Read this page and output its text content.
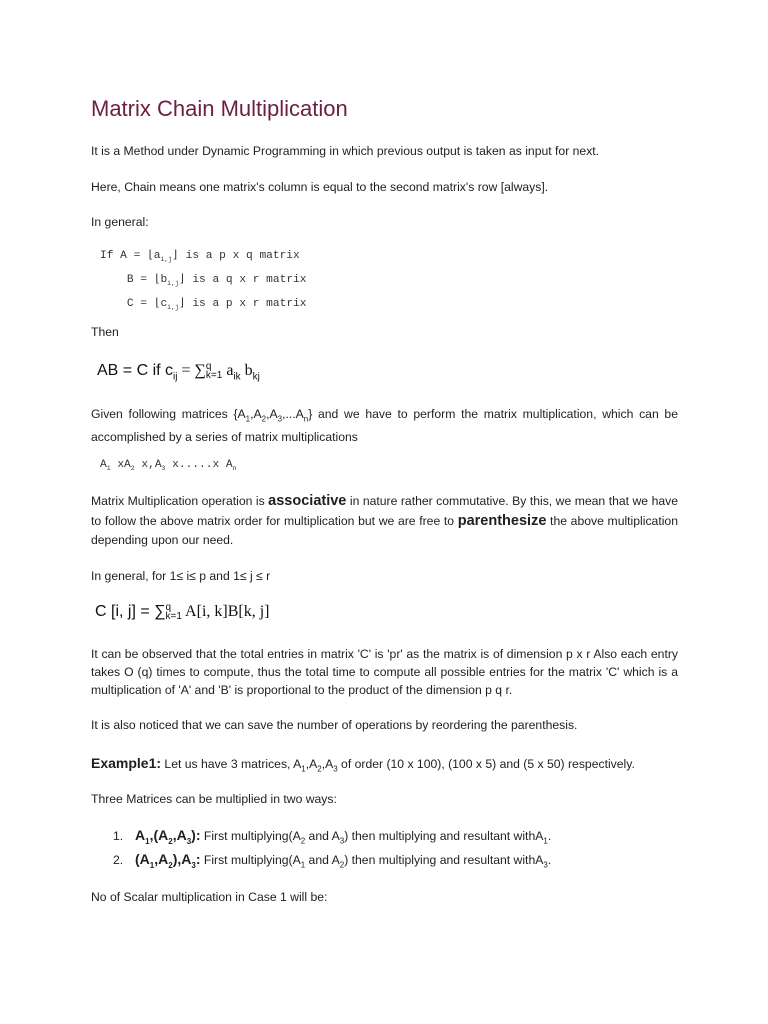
Matrix Chain Multiplication

It is a Method under Dynamic Programming in which previous output is taken as input for next.

Here, Chain means one matrix's column is equal to the second matrix's row [always].

In general:

If $A = ⌊a_{i,j}⌋$ is a p x q matrix
$B = ⌊b_{i,j}⌋$ is a q x r matrix
$C = ⌊c_{i,j}⌋$ is a p x r matrix

Then

AB = C if $c_{ij}$ = ∑ q
k=1 $a_{ik}$ $b_{kj}$

Given following matrices $\{A_1,A_2,A_3,...A_n\}$ and we have to perform the matrix multiplication, which can be accomplished by a series of matrix multiplications

$A_1$ $xA_2$ $x,A_3$ x.....x $A_n$

Matrix Multiplication operation is associative in nature rather commutative. By this, we mean that we have to follow the above matrix order for multiplication but we are free to parenthesize the above multiplication depending upon our need.

In general, for 1≤ i≤ p and 1≤ j ≤ r

C [i, j] = ∑ q
k=1 A[i, k]B[k, j]

It can be observed that the total entries in matrix 'C' is 'pr' as the matrix is of dimension p x r Also each entry takes O (q) times to compute, thus the total time to compute all possible entries for the matrix 'C' which is a multiplication of 'A' and 'B' is proportional to the product of the dimension p q r.

It is also noticed that we can save the number of operations by reordering the parenthesis.

Example1: Let us have 3 matrices, $A_1,A_2,A_3$ of order (10 x 100), (100 x 5) and (5 x 50) respectively.

Three Matrices can be multiplied in two ways:

1. $A_1,(A_2,A_3)$: First $multiplying(A_2$ and $A_3$) then multiplying and resultant withA$_1$.
2. $(A_1,A_2),A_3$: First $multiplying(A_1$ and $A_2$) then multiplying and resultant withA$_3$.

No of Scalar multiplication in Case 1 will be:
